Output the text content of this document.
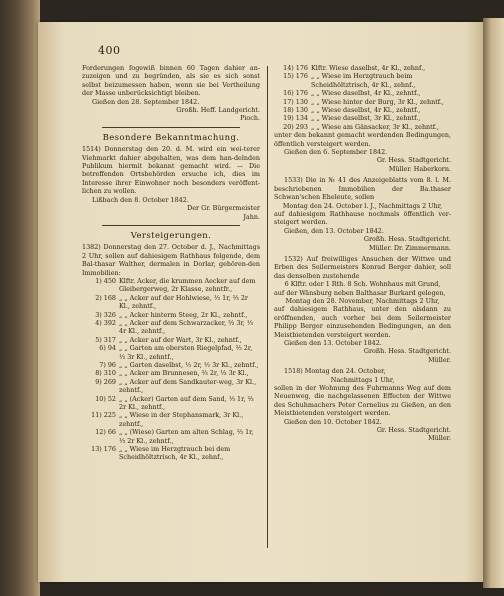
400

Forderungen fogewiß binnen 60 Tagen dahier an-zuzeigen und zu begründen, als sie es sich sonst selbst beizumessen haben, wenn sie bei Vertheilung der Masse unberücksichtigt bleiben.

Gießen den 28. September 1842.

Großh. Heff. Landgericht.

Pioch.

Besondere Bekanntmachung.

1514) Donnerstag den 20. d. M. wird ein wei-terer Viehmarkt dahier abgehalten, was dem han-delnden Publikum hiermit bekannt gemacht wird. — Die betreffenden Ortsbehörden ersuche ich, dies im Interesse ihrer Einwohner noch besonders veröffent-lichen zu wollen.

Lißbach den 8. October 1842.

Der Gr. Bürgermeister

Jahn.

Versteigerungen.

1382) Donnerstag den 27. October d. J., Nachmittags 2 Uhr, sollen auf dahiesigem Rathhaus folgende, dem Bal-thasar Walther, dermalen in Dorlar, gehören-den Immobilien:

1) 450 Klftr. Acker, die krummen Aecker auf dem Gleibergerweg, 2r Klasse, zehntfr.,
2) 168 „ „ Acker auf der Hohlwiese, ⅓ 1r, ⅔ 2r Kl., zehntf.,
3) 326 „ „ Acker hinterm Steeg, 2r Kl., zehntf.,
4) 392 „ „ Acker auf dem Schwarzacker, ⅔ 3r, ⅓ 4r Kl., zehntf.,
5) 317 „ „ Acker auf der Wart, 3r Kl., zehntf.,
6) 94 „ „ Garten am obersten Riegelpfad, ⅔ 2r, ⅓ 3r Kl., zehntf.,
7) 96 „ „ Garten daselbst, ½ 2r, ½ 3r Kl., zehntf.,
8) 310 „ „ Acker am Brunnesen, ⅔ 2r, ⅓ 3r Kl.,
9) 269 „ „ Acker auf dem Sandkauter-weg, 3r Kl., zehntf.,
10) 52 „ „ (Acker) Garten auf dem Sand, ⅓ 1r, ⅔ 2r Kl., zehntf.,
11) 225 „ „ Wiese in der Stephansmark, 3r Kl., zehntf.,
12) 66 „ „ (Wiese) Garten am alten Schlag, ⅔ 1r, ⅓ 2r Kl., zehntf.,
13) 176 „ „ Wiese im Herzgtrauch bei dem Scheidhöltztrisch, 4r Kl., zehnf.,
14) 176 Klftr. Wiese daselbst, 4r Kl., zehnf.,
15) 176 „ „ Wiese im Herzgtrauch beim Scheidhöltztrisch, 4r Kl., zehnf.,
16) 176 „ „ Wiese daselbst, 4r Kl., zehntf.,
17) 130 „ „ Wiese hinter der Burg, 3r Kl., zehntf.,
18) 130 „ „ Wiese daselbst, 4r Kl., zehntf.,
19) 134 „ „ Wiese daselbst, 3r Kl., zehntf.,
20) 293 „ „ Wiese am Gänsacker, 3r Kl., zehntf.,

unter den bekannt gemacht werdenden Bedingungen, öffentlich versteigert werden.

Gießen den 6. September 1842.

Gr. Hess. Stadtgericht.

Müller. Haberkorn.

1533) Die in № 41 des Anzeigeblatts vom 8. l. M. beschriebenen Immobilien der Ba.thaser Schwan'schen Eheleute, sollen

Montag den 24. October l. J., Nachmittags 2 Uhr,

auf dahiesigem Rathhause nochmals öffentlich ver-steigert werden.

Gießen, den 13. October 1842.

Großh. Hess. Stadtgericht.

Müller. Dr. Zimmermann.

1532) Auf freiwilliges Ansuchen der Wittwe und Erben des Seilermeisters Konrad Berger dahier, soll das denselben zustehende

6 Klftr. oder 1 Rth. 8 Sch. Wohnhaus mit Grund,

auf der Wänsburg neben Balthasar Burkard gelegen,

Montag den 28. November, Nachmittags 2 Uhr,

auf dahiesigem Rathhaus, unter den alsdann zu eröffnenden, auch vorher bei dem Seilermeister Philipp Berger einzusehenden Bedingungen, an den Meistbietenden versteigert werden.

Gießen den 13. October 1842.

Großh. Hess. Stadtgericht.

Müller.

1518) Montag den 24. October,

Nachmittags 1 Uhr,

sollen in der Wohnung des Fuhrmanns Weg auf dem Neuenweg, die nachgelassenen Effecten der Wittwe des Schuhmachers Peter Cornelius zu Gießen, an den Meistbietenden versteigert werden.

Gießen den 10. October 1842.

Gr. Hess. Stadtgericht.

Müller.
